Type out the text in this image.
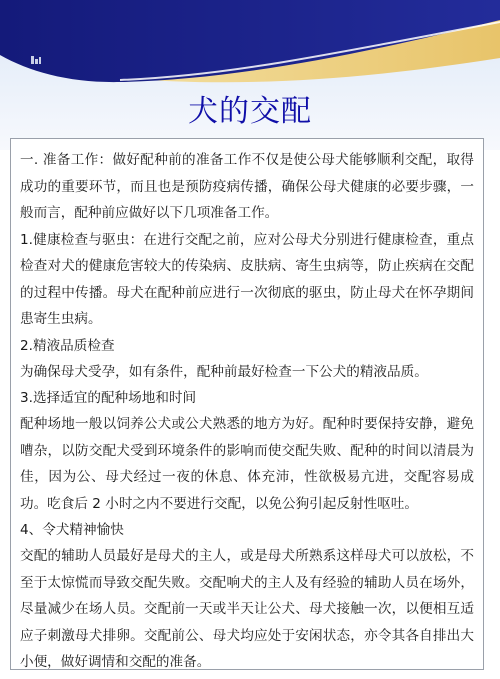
犬的交配

一. 准备工作：做好配种前的准备工作不仅是使公母犬能够顺利交配，取得成功的重要环节，而且也是预防疫病传播，确保公母犬健康的必要步骤，一般而言，配种前应做好以下几项准备工作。

1.健康检查与驱虫：在进行交配之前，应对公母犬分别进行健康检查，重点检查对犬的健康危害较大的传染病、皮肤病、寄生虫病等，防止疾病在交配的过程中传播。母犬在配种前应进行一次彻底的驱虫，防止母犬在怀孕期间患寄生虫病。

2.精液品质检查

为确保母犬受孕，如有条件，配种前最好检查一下公犬的精液品质。

3.选择适宜的配种场地和时间

配种场地一般以饲养公犬或公犬熟悉的地方为好。配种时要保持安静，避免嘈杂，以防交配犬受到环境条件的影响而使交配失败、配种的时间以清晨为佳，因为公、母犬经过一夜的休息、体充沛，性欲极易亢进，交配容易成功。吃食后 2 小时之内不要进行交配，以免公狗引起反射性呕吐。

4、令犬精神愉快

交配的辅助人员最好是母犬的主人，或是母犬所熟系这样母犬可以放松，不至于太惊慌而导致交配失败。交配响犬的主人及有经验的辅助人员在场外，尽量减少在场人员。交配前一天或半天让公犬、母犬接触一次，以便相互适应子刺激母犬排卵。交配前公、母犬均应处于安闲状态，亦令其各自排出大小便，做好调情和交配的准备。
